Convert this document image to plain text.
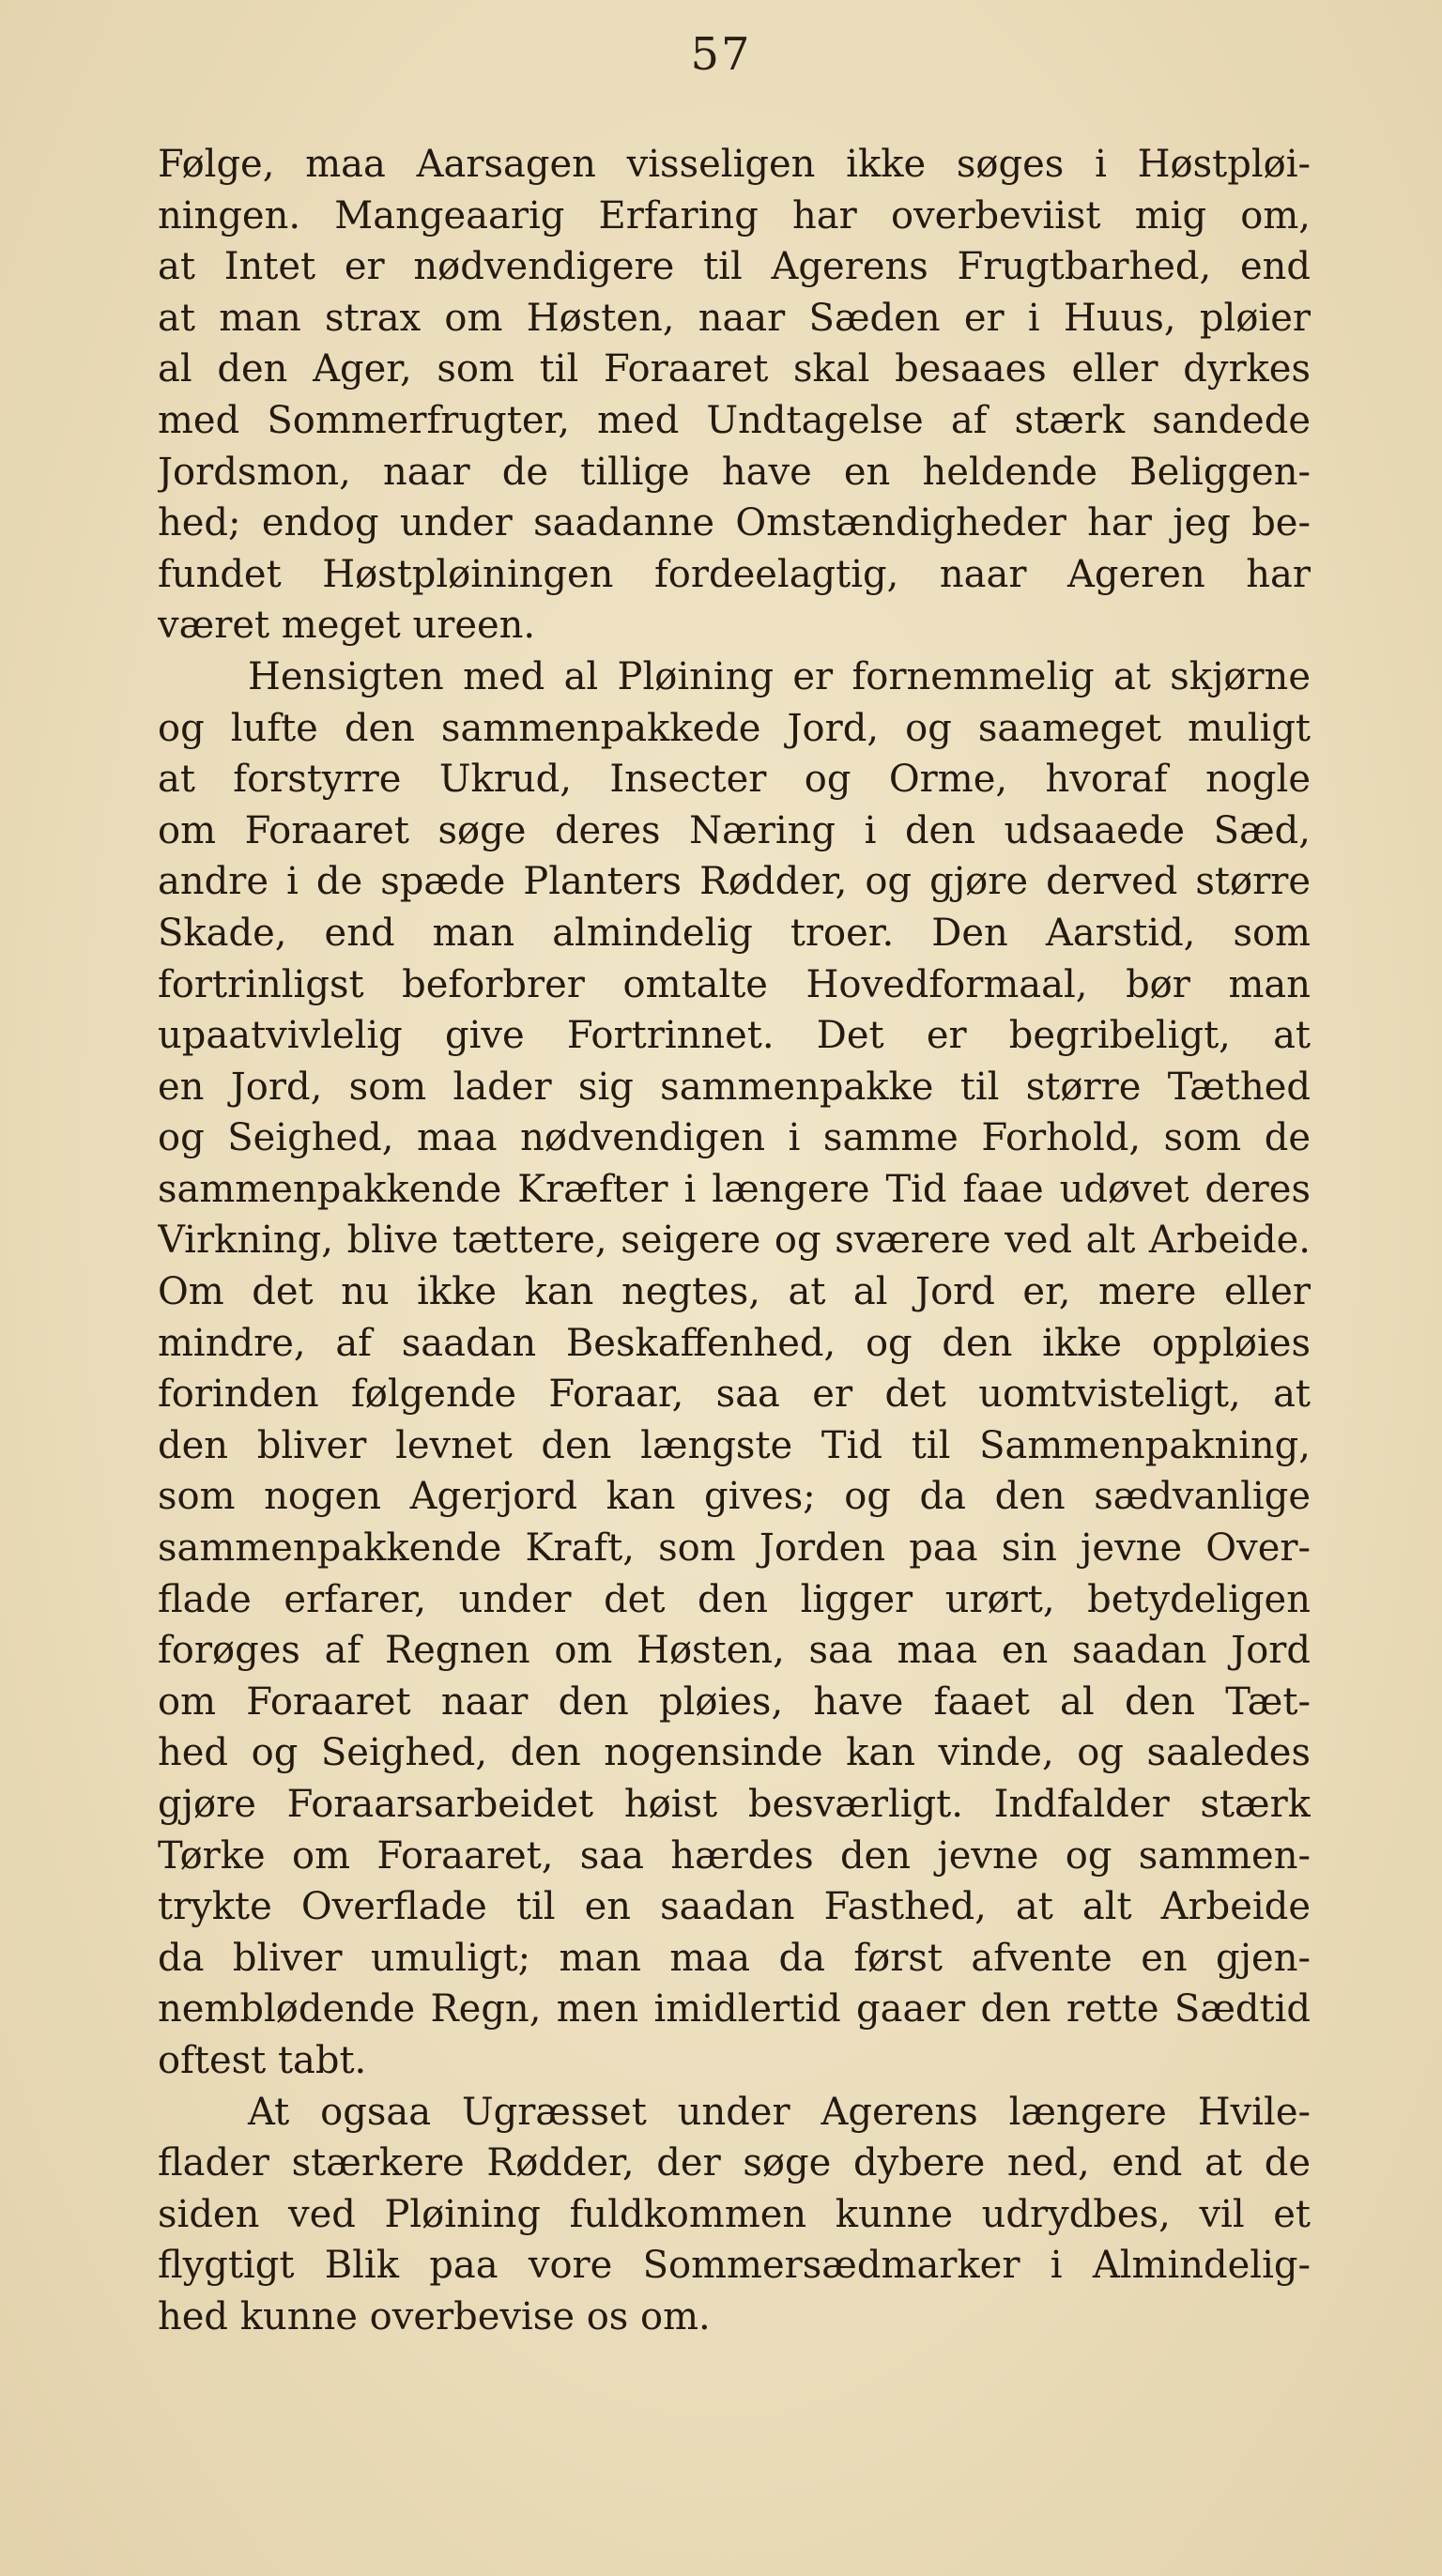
57
Følge, maa Aarsagen visseligen ikke søges i Høstpløi-
ningen. Mangeaarig Erfaring har overbeviist mig om,
at Intet er nødvendigere til Agerens Frugtbarhed, end
at man strax om Høsten, naar Sæden er i Huus, pløier
al den Ager, som til Foraaret skal besaaes eller dyrkes
med Sommerfrugter, med Undtagelse af stærk sandede
Jordsmon, naar de tillige have en heldende Beliggen-
hed; endog under saadanne Omstændigheder har jeg be-
fundet Høstpløiningen fordeelagtig, naar Ageren har
været meget ureen.
Hensigten med al Pløining er fornemmelig at skjørne
og lufte den sammenpakkede Jord, og saameget muligt
at forstyrre Ukrud, Insecter og Orme, hvoraf nogle
om Foraaret søge deres Næring i den udsaaede Sæd,
andre i de spæde Planters Rødder, og gjøre derved større
Skade, end man almindelig troer. Den Aarstid, som
fortrinligst beforbrer omtalte Hovedformaal, bør man
upaatvivlelig give Fortrinnet. Det er begribeligt, at
en Jord, som lader sig sammenpakke til større Tæthed
og Seighed, maa nødvendigen i samme Forhold, som de
sammenpakkende Kræfter i længere Tid faae udøvet deres
Virkning, blive tættere, seigere og sværere ved alt Arbeide.
Om det nu ikke kan negtes, at al Jord er, mere eller
mindre, af saadan Beskaffenhed, og den ikke oppløies
forinden følgende Foraar, saa er det uomtvisteligt, at
den bliver levnet den længste Tid til Sammenpakning,
som nogen Agerjord kan gives; og da den sædvanlige
sammenpakkende Kraft, som Jorden paa sin jevne Over-
flade erfarer, under det den ligger urørt, betydeligen
forøges af Regnen om Høsten, saa maa en saadan Jord
om Foraaret naar den pløies, have faaet al den Tæt-
hed og Seighed, den nogensinde kan vinde, og saaledes
gjøre Foraarsarbeidet høist besværligt. Indfalder stærk
Tørke om Foraaret, saa hærdes den jevne og sammen-
trykte Overflade til en saadan Fasthed, at alt Arbeide
da bliver umuligt; man maa da først afvente en gjen-
nemblødende Regn, men imidlertid gaaer den rette Sædtid
oftest tabt.
At ogsaa Ugræsset under Agerens længere Hvile-
flader stærkere Rødder, der søge dybere ned, end at de
siden ved Pløining fuldkommen kunne udrydbes, vil et
flygtigt Blik paa vore Sommersædmarker i Almindelig-
hed kunne overbevise os om.
